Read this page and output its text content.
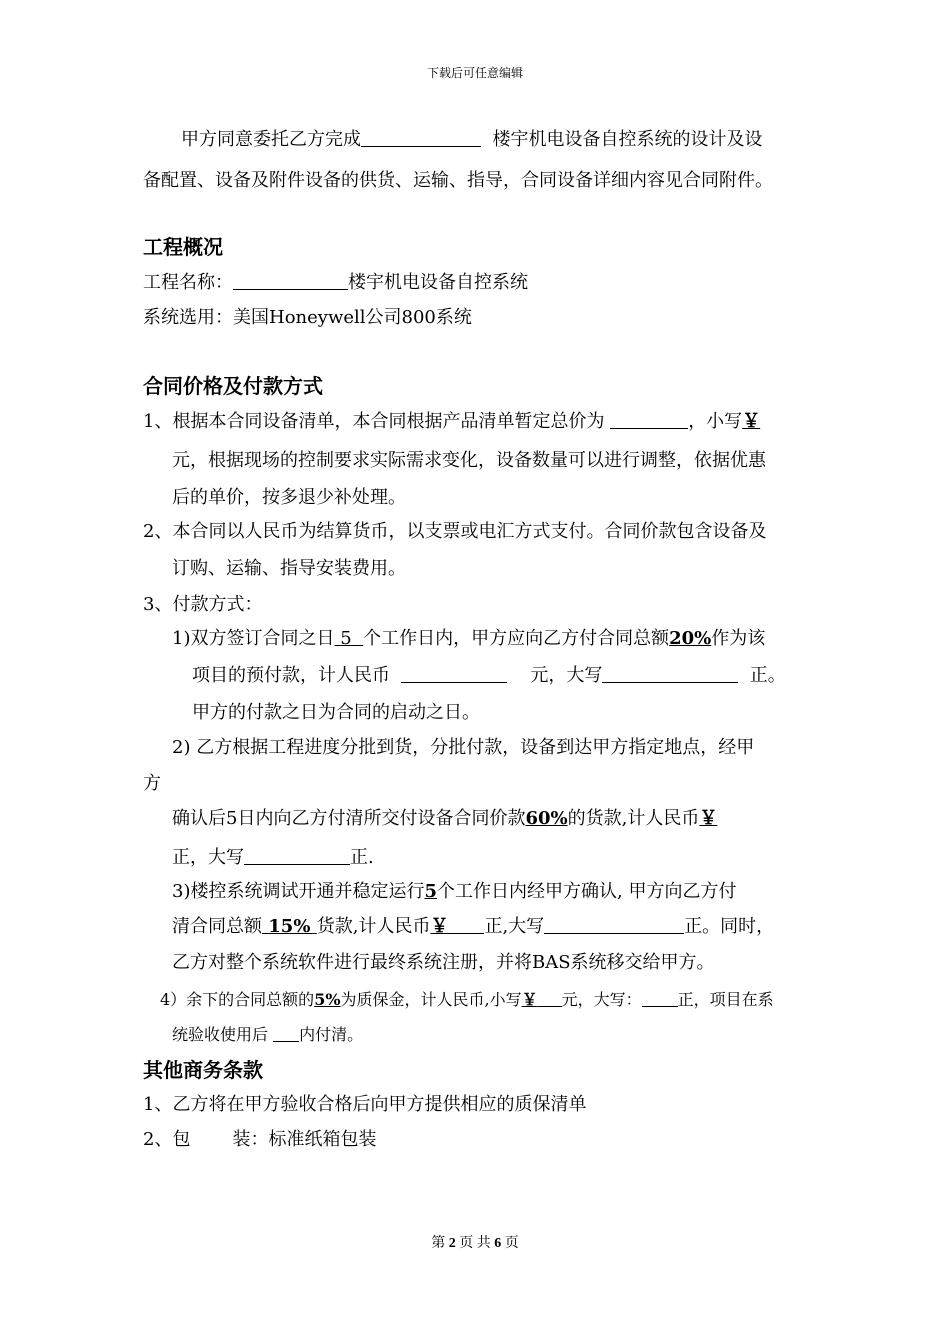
下载后可任意编辑
甲方同意委托乙方完成	楼宇机电设备自控系统的设计及设
备配置、设备及附件设备的供货、运输、指导，合同设备详细内容见合同附件。
工程概况
工程名称：	楼宇机电设备自控系统
系统选用：美国Honeywell公司800系统
合同价格及付款方式
1、根据本合同设备清单，本合同根据产品清单暂定总价为	，小写￥
元，根据现场的控制要求实际需求变化，设备数量可以进行调整，依据优惠
后的单价，按多退少补处理。
2、本合同以人民币为结算货币，以支票或电汇方式支付。合同价款包含设备及
订购、运输、指导安装费用。
3、付款方式：
1)双方签订合同之日 5 个工作日内，甲方应向乙方付合同总额20%作为该
项目的预付款，计人民币	元，大写	正。
甲方的付款之日为合同的启动之日。
2) 乙方根据工程进度分批到货，分批付款，设备到达甲方指定地点，经甲
方
确认后5日内向乙方付清所交付设备合同价款60%的货款,计人民币￥
正，大写	正.
3)楼控系统调试开通并稳定运行5个工作日内经甲方确认, 甲方向乙方付
清合同总额 15% 货款,计人民币￥ 正,大写	正。同时，
乙方对整个系统软件进行最终系统注册，并将BAS系统移交给甲方。
4）余下的合同总额的5%为质保金，计人民币,小写￥ 元，大写： 正，项目在系
统验收使用后 内付清。
其他商务条款
1、乙方将在甲方验收合格后向甲方提供相应的质保清单
2、包 装：标准纸箱包装
第 2 页 共 6 页
